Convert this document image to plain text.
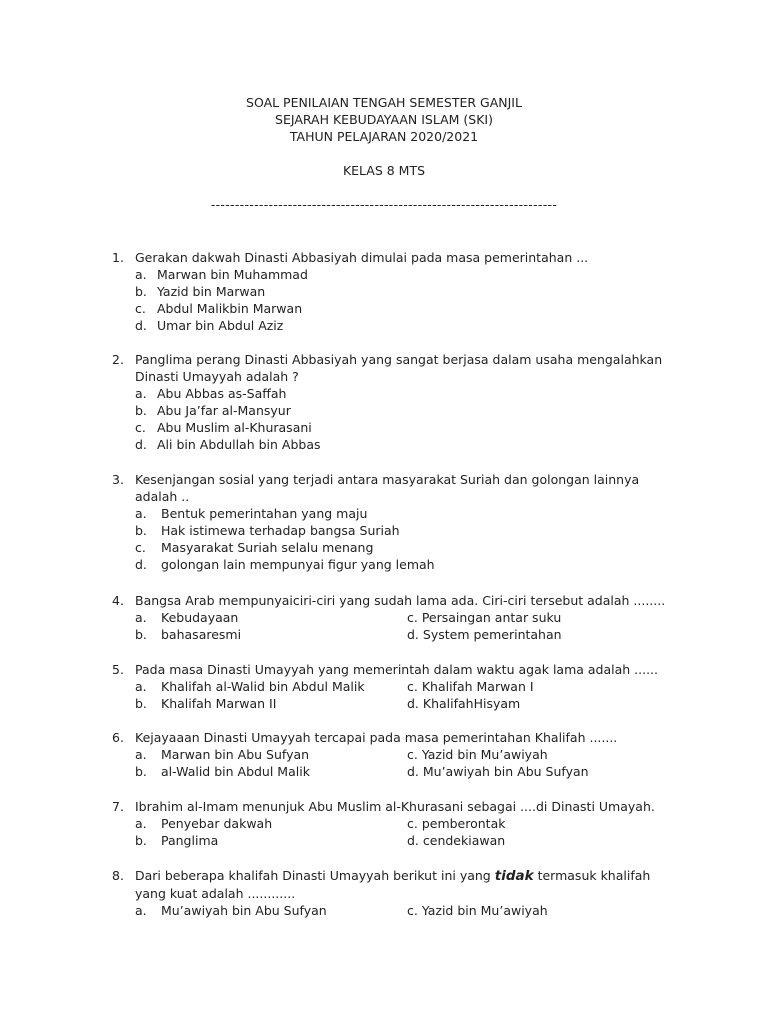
SOAL PENILAIAN TENGAH SEMESTER GANJIL
SEJARAH KEBUDAYAAN ISLAM (SKI)
TAHUN PELAJARAN 2020/2021
KELAS 8 MTS
------------------------------------------------------------------------
1. Gerakan dakwah Dinasti Abbasiyah dimulai pada masa pemerintahan ...
a. Marwan bin Muhammad
b. Yazid bin Marwan
c. Abdul Malikbin Marwan
d. Umar bin Abdul Aziz
2. Panglima perang Dinasti Abbasiyah yang sangat berjasa dalam usaha mengalahkan Dinasti Umayyah adalah ?
a. Abu Abbas as-Saffah
b. Abu Ja’far al-Mansyur
c. Abu Muslim al-Khurasani
d. Ali bin Abdullah bin Abbas
3. Kesenjangan sosial yang terjadi antara masyarakat Suriah dan golongan lainnya adalah ..
a. Bentuk pemerintahan yang maju
b. Hak istimewa terhadap bangsa Suriah
c. Masyarakat Suriah selalu menang
d. golongan lain mempunyai figur yang lemah
4. Bangsa Arab mempunyaiciri-ciri yang sudah lama ada. Ciri-ciri tersebut adalah ........
a. Kebudayaan	c. Persaingan antar suku
b. bahasaresmi	d. System pemerintahan
5. Pada masa Dinasti Umayyah yang memerintah dalam waktu agak lama adalah ......
a. Khalifah al-Walid bin Abdul Malik	c. Khalifah Marwan I
b. Khalifah Marwan II	d. KhalifahHisyam
6. Kejayaaan Dinasti Umayyah tercapai pada masa pemerintahan Khalifah .......
a. Marwan bin Abu Sufyan	c. Yazid bin Mu’awiyah
b. al-Walid bin Abdul Malik	d. Mu’awiyah bin Abu Sufyan
7. Ibrahim al-Imam menunjuk Abu Muslim al-Khurasani sebagai ....di Dinasti Umayah.
a. Penyebar dakwah	c. pemberontak
b. Panglima	d. cendekiawan
8. Dari beberapa khalifah Dinasti Umayyah berikut ini yang tidak termasuk khalifah yang kuat adalah ............
a. Mu’awiyah bin Abu Sufyan	c. Yazid bin Mu’awiyah
